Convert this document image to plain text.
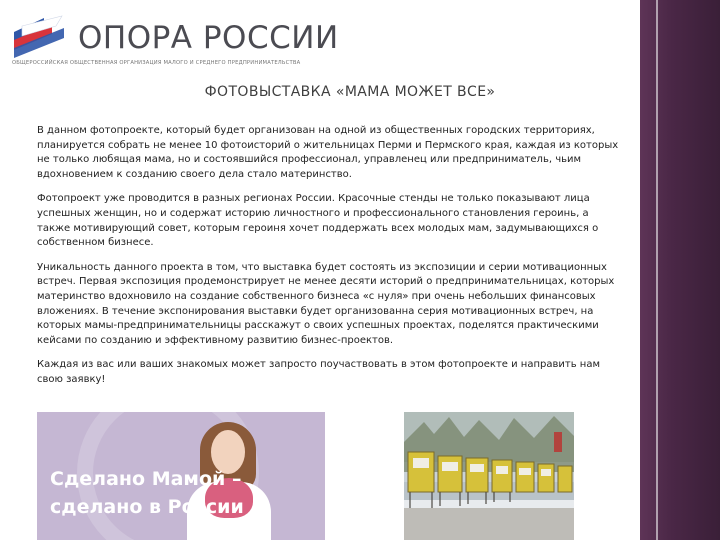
ОПОРА РОССИИ
ОБЩЕРОССИЙСКАЯ ОБЩЕСТВЕННАЯ ОРГАНИЗАЦИЯ МАЛОГО И СРЕДНЕГО ПРЕДПРИНИМАТЕЛЬСТВА
ФОТОВЫСТАВКА «МАМА МОЖЕТ ВСЕ»

В данном фотопроекте, который будет организован на одной из общественных городских территориях, планируется собрать не менее 10 фотоисторий о жительницах Перми и Пермского края, каждая из которых не только любящая мама, но и состоявшийся профессионал, управленец или предприниматель, чьим вдохновением к созданию своего дела стало материнство.

Фотопроект уже проводится в разных регионах России. Красочные стенды не только показывают лица успешных женщин, но и содержат историю личностного и профессионального становления героинь, а также мотивирующий совет, которым героиня хочет поддержать всех молодых мам, задумывающихся о собственном бизнесе.

Уникальность данного проекта в том, что выставка будет состоять из экспозиции и серии мотивационных встреч. Первая экспозиция продемонстрирует не менее десяти историй о предпринимательницах, которых материнство вдохновило на создание собственного бизнеса «с нуля» при очень небольших финансовых вложениях. В течение экспонирования выставки будет организованна серия мотивационных встреч, на которых мамы-предпринимательницы расскажут о своих успешных проектах, поделятся практическими кейсами по созданию и эффективному развитию бизнес-проектов.

Каждая из вас или ваших знакомых может запросто поучаствовать в этом фотопроекте и направить нам свою заявку!

Сделано Мамой –
сделано в России
